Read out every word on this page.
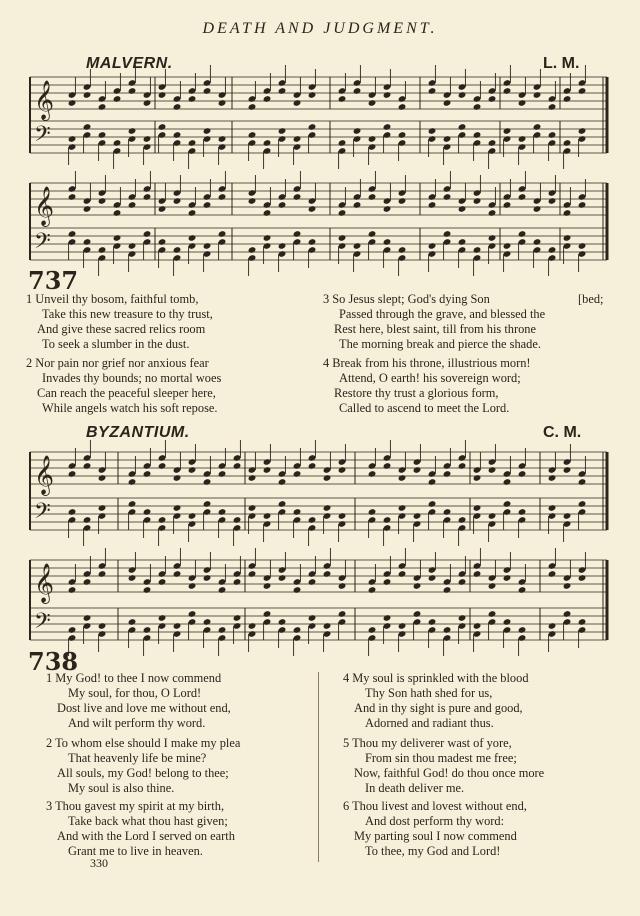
DEATH AND JUDGMENT.
MALVERN.	L. M.
BYZANTIUM.	C. M.
𝄞
𝄢
𝄞
𝄢
𝄞
𝄢
𝄞
𝄢
737
1 Unveil thy bosom, faithful tomb,
Take this new treasure to thy trust,
And give these sacred relics room
To seek a slumber in the dust.
2 Nor pain nor grief nor anxious fear
Invades thy bounds; no mortal woes
Can reach the peaceful sleeper here,
While angels watch his soft repose.
3 So Jesus slept; God's dying Son
Passed through the grave, and blessed the
Rest here, blest saint, till from his throne
The morning break and pierce the shade.
[bed;
4 Break from his throne, illustrious morn!
Attend, O earth! his sovereign word;
Restore thy trust a glorious form,
Called to ascend to meet the Lord.
738
1 My God! to thee I now commend
My soul, for thou, O Lord!
Dost live and love me without end,
And wilt perform thy word.
2 To whom else should I make my plea
That heavenly life be mine?
All souls, my God! belong to thee;
My soul is also thine.
3 Thou gavest my spirit at my birth,
Take back what thou hast given;
And with the Lord I served on earth
Grant me to live in heaven.
4 My soul is sprinkled with the blood
Thy Son hath shed for us,
And in thy sight is pure and good,
Adorned and radiant thus.
5 Thou my deliverer wast of yore,
From sin thou madest me free;
Now, faithful God! do thou once more
In death deliver me.
6 Thou livest and lovest without end,
And dost perform thy word:
My parting soul I now commend
To thee, my God and Lord!
330
